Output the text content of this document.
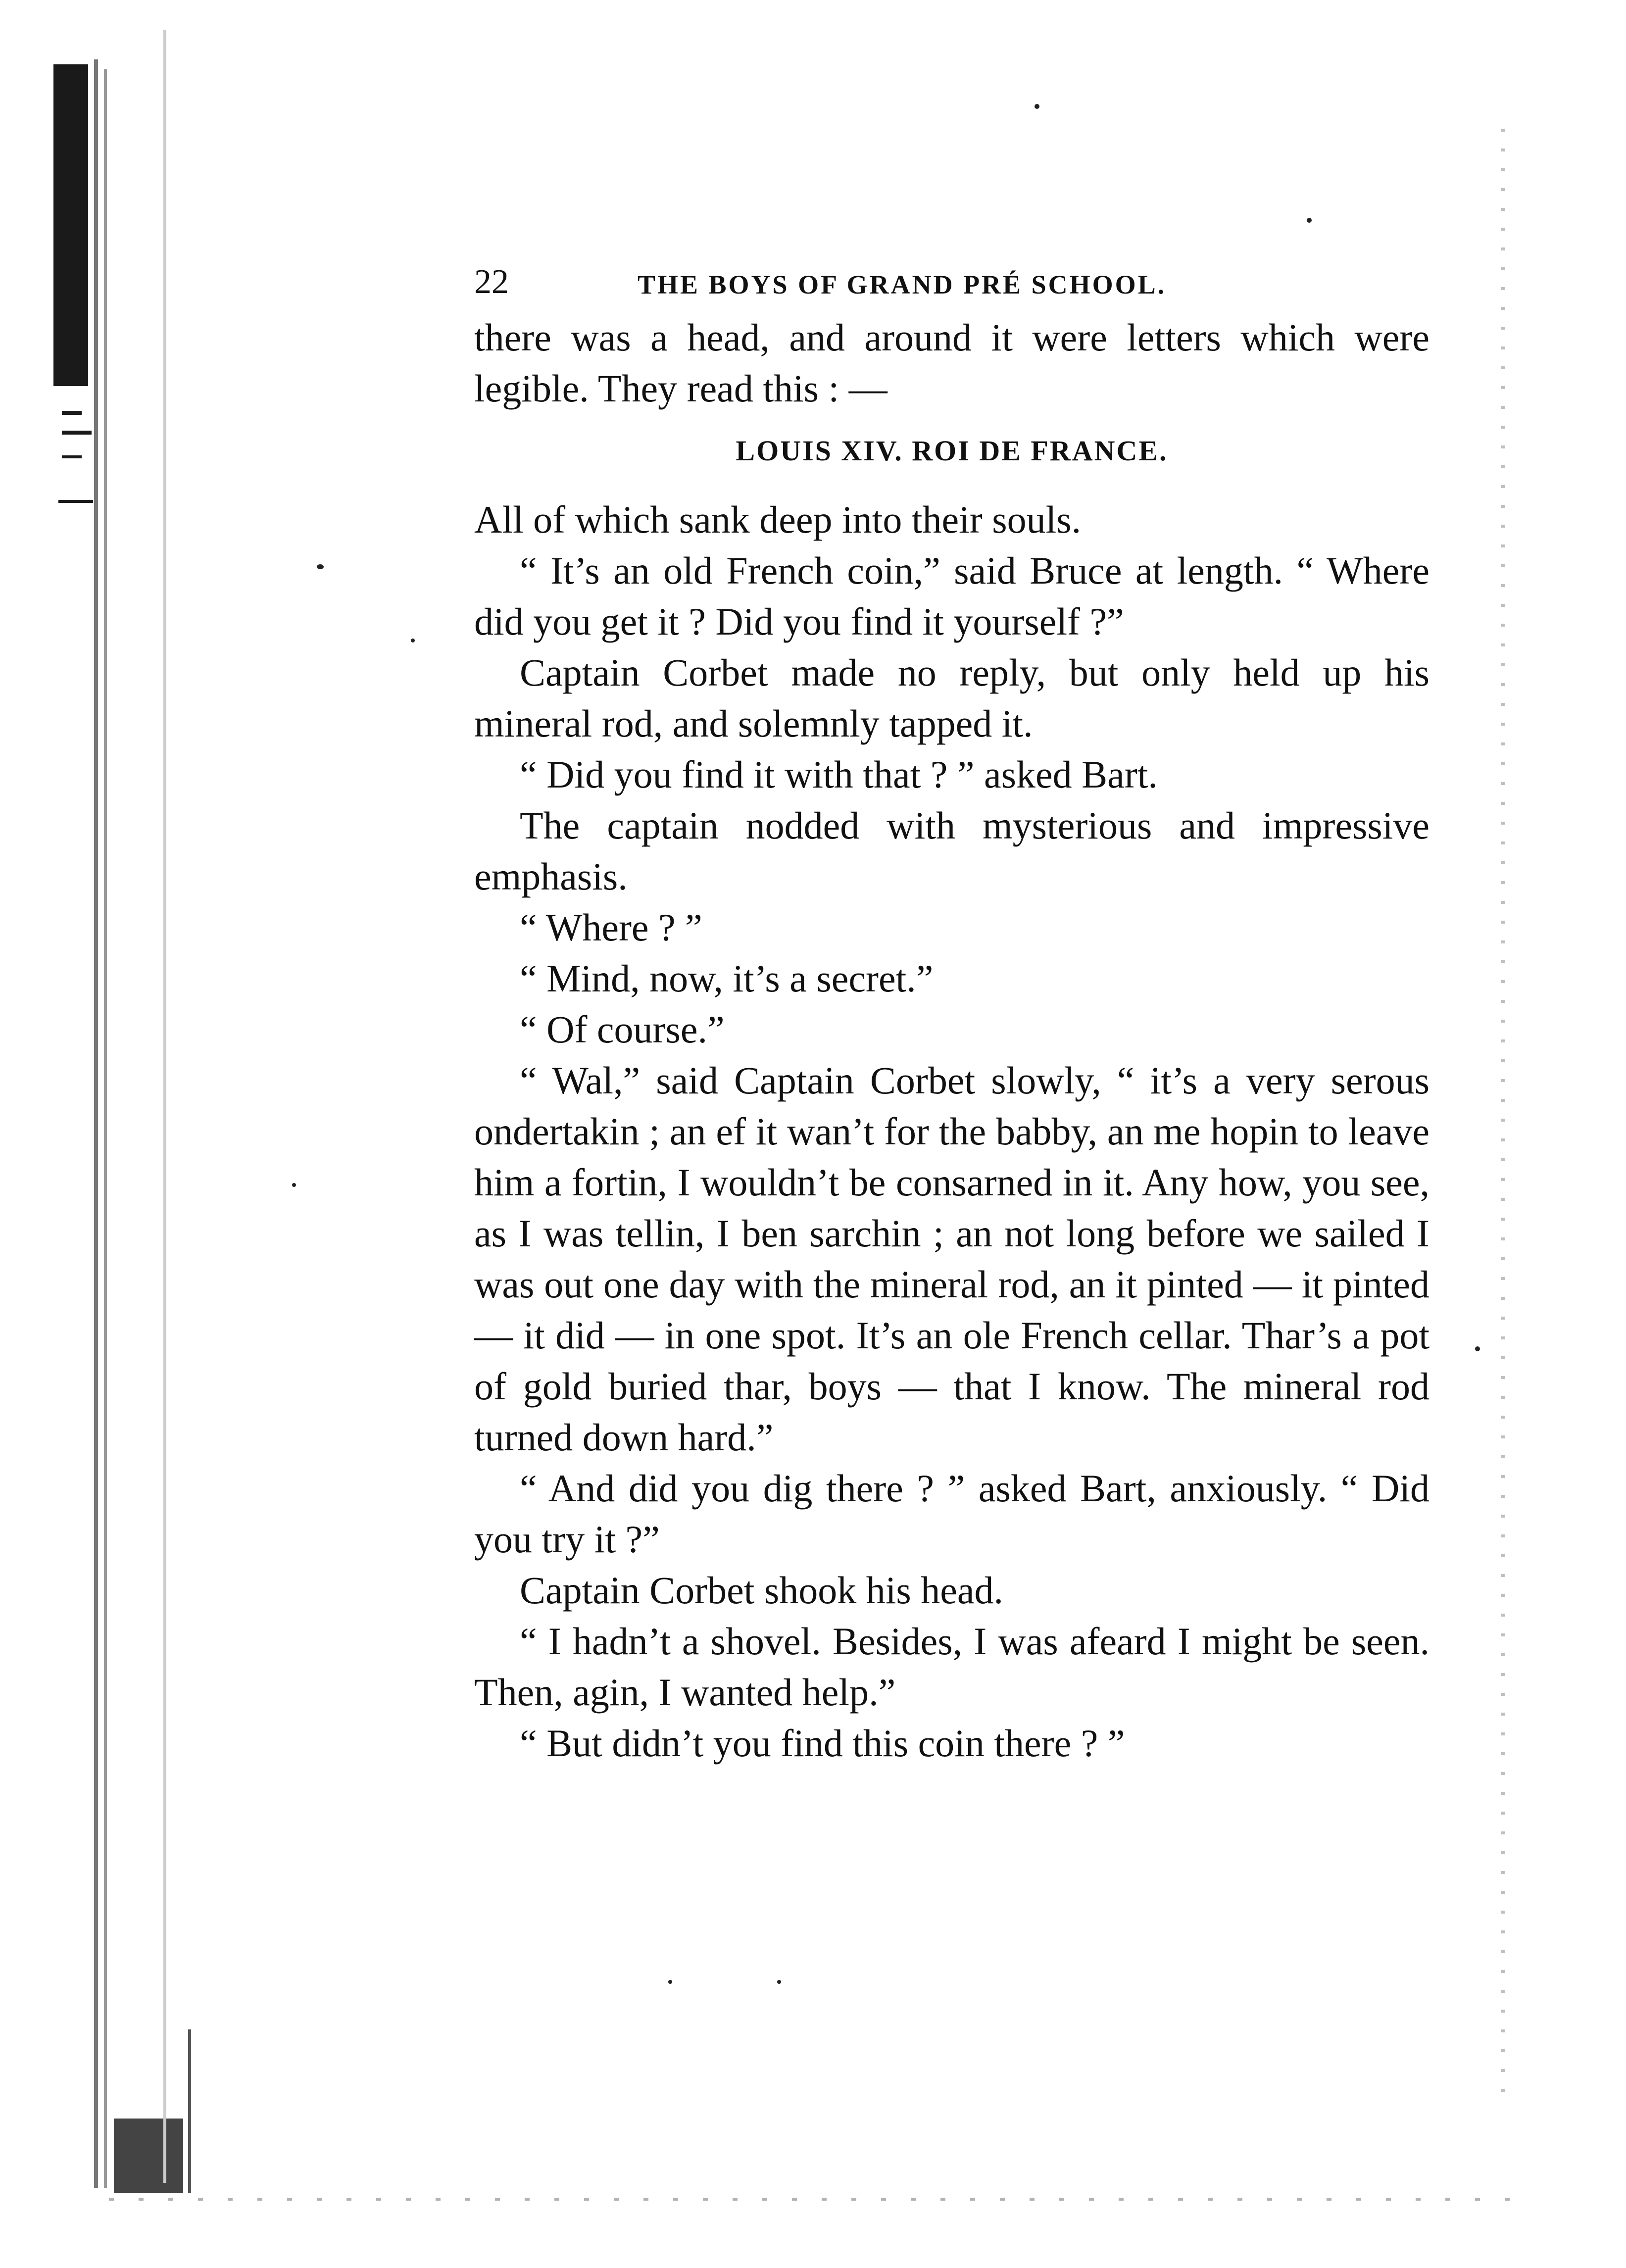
22	THE BOYS OF GRAND PRÉ SCHOOL.

there was a head, and around it were letters which were legible. They read this : —

LOUIS XIV. ROI DE FRANCE.

All of which sank deep into their souls.

“ It’s an old French coin,” said Bruce at length. “ Where did you get it ? Did you find it yourself ?”

Captain Corbet made no reply, but only held up his mineral rod, and solemnly tapped it.

“ Did you find it with that ? ” asked Bart.

The captain nodded with mysterious and impressive emphasis.

“ Where ? ”

“ Mind, now, it’s a secret.”

“ Of course.”

“ Wal,” said Captain Corbet slowly, “ it’s a very serous ondertakin ; an ef it wan’t for the babby, an me hopin to leave him a fortin, I wouldn’t be consarned in it. Any how, you see, as I was tellin, I ben sarchin ; an not long before we sailed I was out one day with the mineral rod, an it pinted — it pinted — it did — in one spot. It’s an ole French cellar. Thar’s a pot of gold buried thar, boys — that I know. The mineral rod turned down hard.”

“ And did you dig there ? ” asked Bart, anxiously. “ Did you try it ?”

Captain Corbet shook his head.

“ I hadn’t a shovel. Besides, I was afeard I might be seen. Then, agin, I wanted help.”

“ But didn’t you find this coin there ? ”
